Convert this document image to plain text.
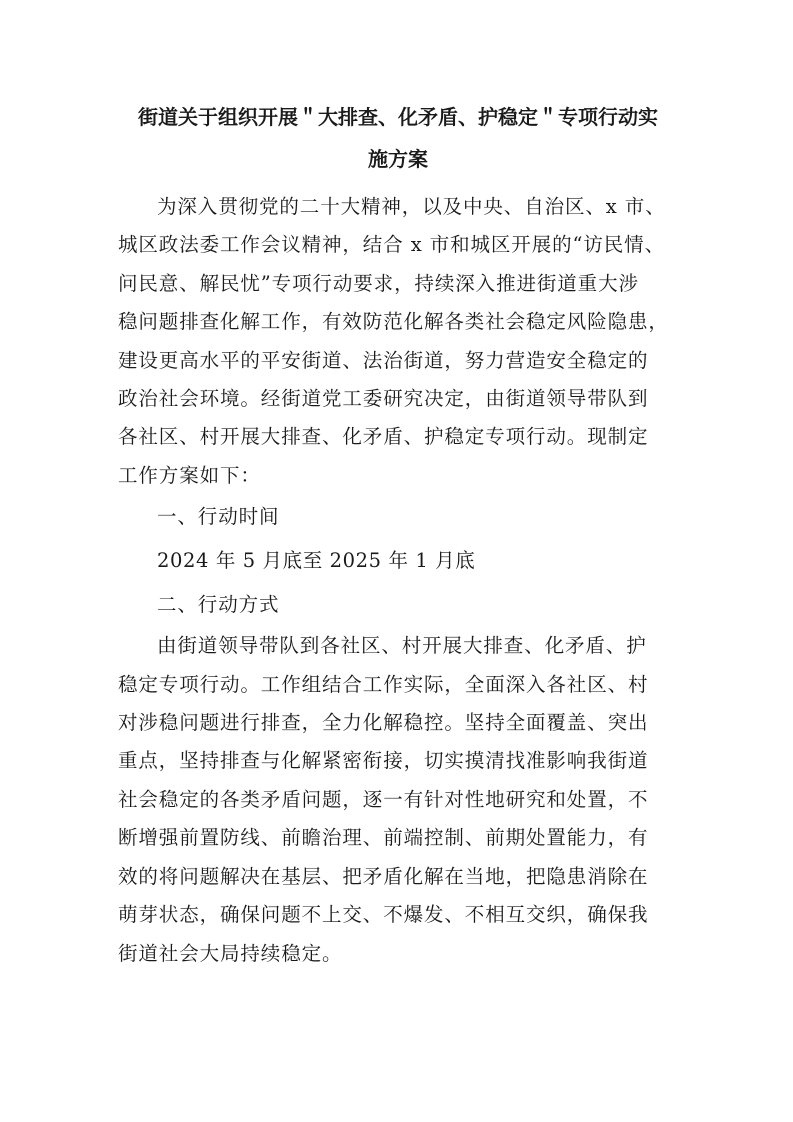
街道关于组织开展＂大排查、化矛盾、护稳定＂专项行动实
施方案

为深入贯彻党的二十大精神，以及中央、自治区、x 市、
城区政法委工作会议精神，结合 x 市和城区开展的“访民情、
问民意、解民忧”专项行动要求，持续深入推进街道重大涉
稳问题排查化解工作，有效防范化解各类社会稳定风险隐患，
建设更高水平的平安街道、法治街道，努力营造安全稳定的
政治社会环境。经街道党工委研究决定，由街道领导带队到
各社区、村开展大排查、化矛盾、护稳定专项行动。现制定
工作方案如下：

一、行动时间

2024 年 5 月底至 2025 年 1 月底

二、行动方式

由街道领导带队到各社区、村开展大排查、化矛盾、护
稳定专项行动。工作组结合工作实际，全面深入各社区、村
对涉稳问题进行排查，全力化解稳控。坚持全面覆盖、突出
重点，坚持排查与化解紧密衔接，切实摸清找准影响我街道
社会稳定的各类矛盾问题，逐一有针对性地研究和处置，不
断增强前置防线、前瞻治理、前端控制、前期处置能力，有
效的将问题解决在基层、把矛盾化解在当地，把隐患消除在
萌芽状态，确保问题不上交、不爆发、不相互交织，确保我
街道社会大局持续稳定。
